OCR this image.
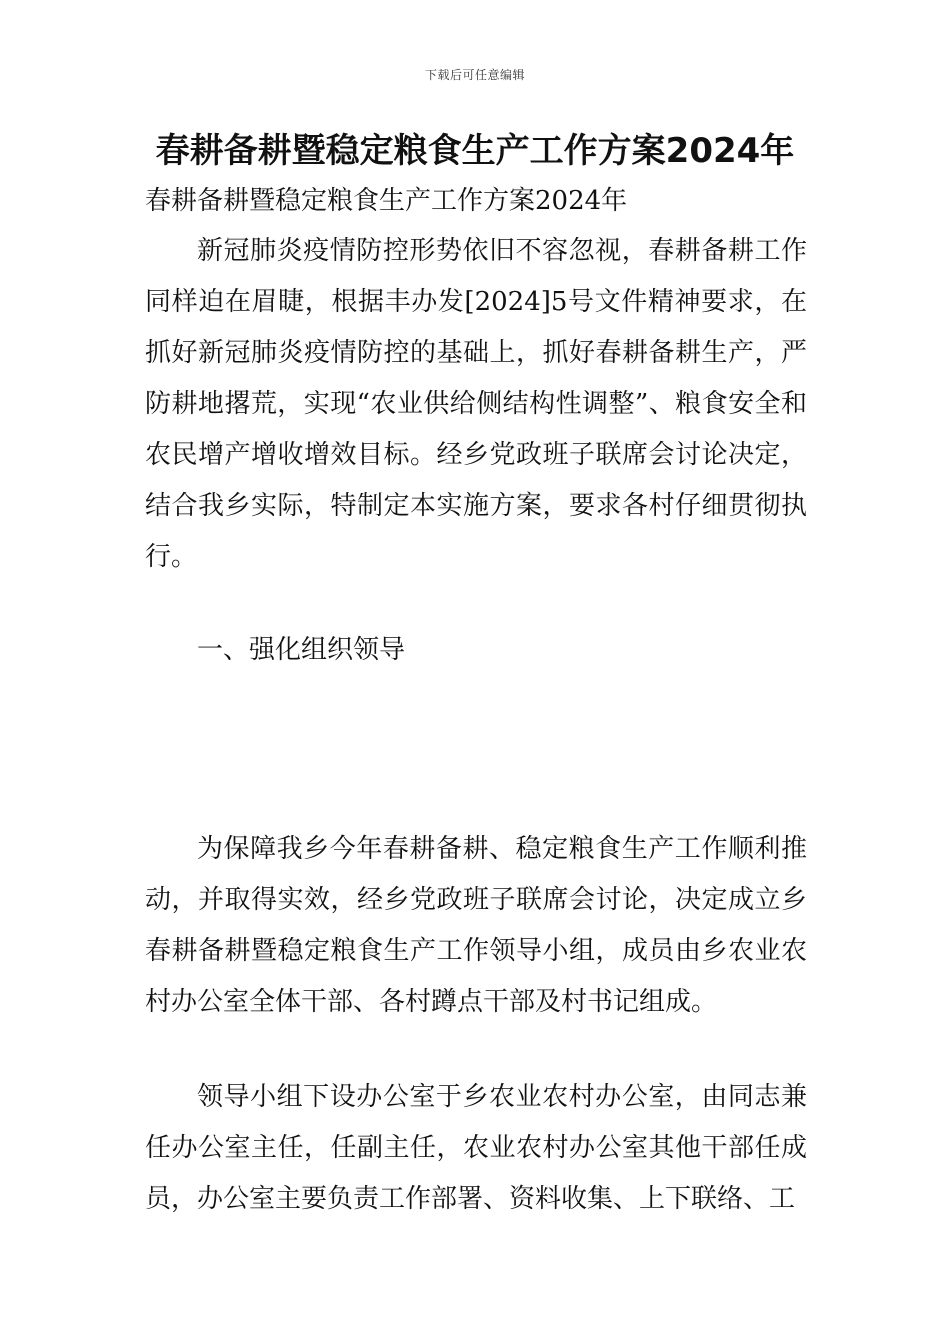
下载后可任意编辑
春耕备耕暨稳定粮食生产工作方案2024年

春耕备耕暨稳定粮食生产工作方案2024年

新冠肺炎疫情防控形势依旧不容忽视，春耕备耕工作同样迫在眉睫，根据丰办发[2024]5号文件精神要求，在抓好新冠肺炎疫情防控的基础上，抓好春耕备耕生产，严防耕地撂荒，实现“农业供给侧结构性调整”、粮食安全和农民增产增收增效目标。经乡党政班子联席会讨论决定，结合我乡实际，特制定本实施方案，要求各村仔细贯彻执行。

一、强化组织领导

为保障我乡今年春耕备耕、稳定粮食生产工作顺利推动，并取得实效，经乡党政班子联席会讨论，决定成立乡春耕备耕暨稳定粮食生产工作领导小组，成员由乡农业农村办公室全体干部、各村蹲点干部及村书记组成。

领导小组下设办公室于乡农业农村办公室，由同志兼任办公室主任，任副主任，农业农村办公室其他干部任成员，办公室主要负责工作部署、资料收集、上下联络、工
